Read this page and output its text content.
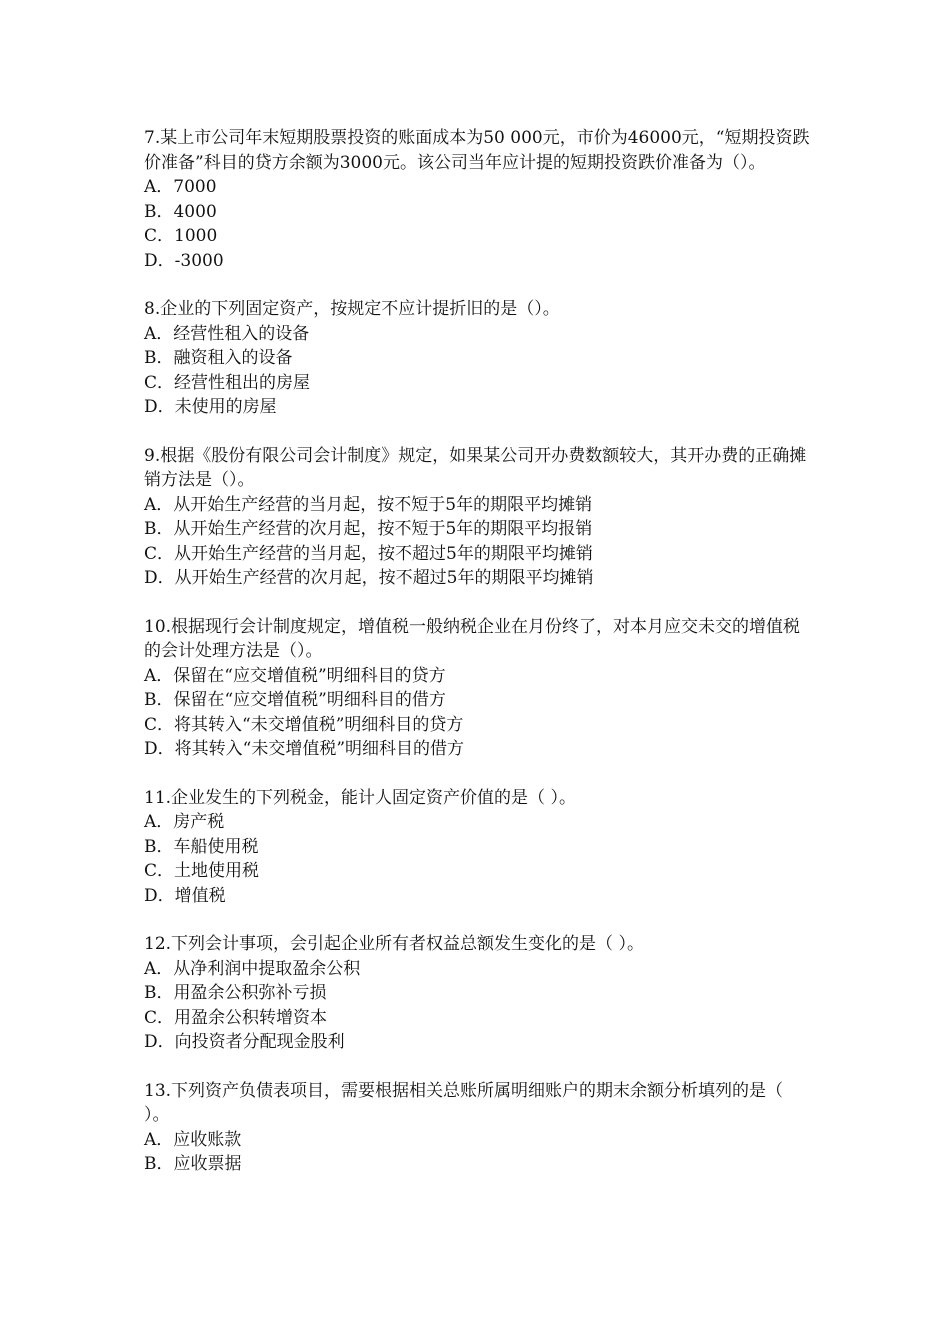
7.某上市公司年末短期股票投资的账面成本为50 000元，市价为46000元，“短期投资跌价准备”科目的贷方余额为3000元。该公司当年应计提的短期投资跌价准备为（）。

A．7000

B．4000

C．1000

D．-3000

8.企业的下列固定资产，按规定不应计提折旧的是（）。

A．经营性租入的设备

B．融资租入的设备

C．经营性租出的房屋

D．未使用的房屋

9.根据《股份有限公司会计制度》规定，如果某公司开办费数额较大，其开办费的正确摊销方法是（）。

A．从开始生产经营的当月起，按不短于5年的期限平均摊销

B．从开始生产经营的次月起，按不短于5年的期限平均报销

C．从开始生产经营的当月起，按不超过5年的期限平均摊销

D．从开始生产经营的次月起，按不超过5年的期限平均摊销

10.根据现行会计制度规定，增值税一般纳税企业在月份终了，对本月应交未交的增值税的会计处理方法是（）。

A．保留在“应交增值税”明细科目的贷方

B．保留在“应交增值税”明细科目的借方

C．将其转入“未交增值税”明细科目的贷方

D．将其转入“未交增值税”明细科目的借方

11.企业发生的下列税金，能计人固定资产价值的是（ ）。

A．房产税

B．车船使用税

C．土地使用税

D．增值税

12.下列会计事项，会引起企业所有者权益总额发生变化的是（ ）。

A．从净利润中提取盈余公积

B．用盈余公积弥补亏损

C．用盈余公积转增资本

D．向投资者分配现金股利

13.下列资产负债表项目，需要根据相关总账所属明细账户的期末余额分析填列的是（ ）。

A．应收账款

B．应收票据
